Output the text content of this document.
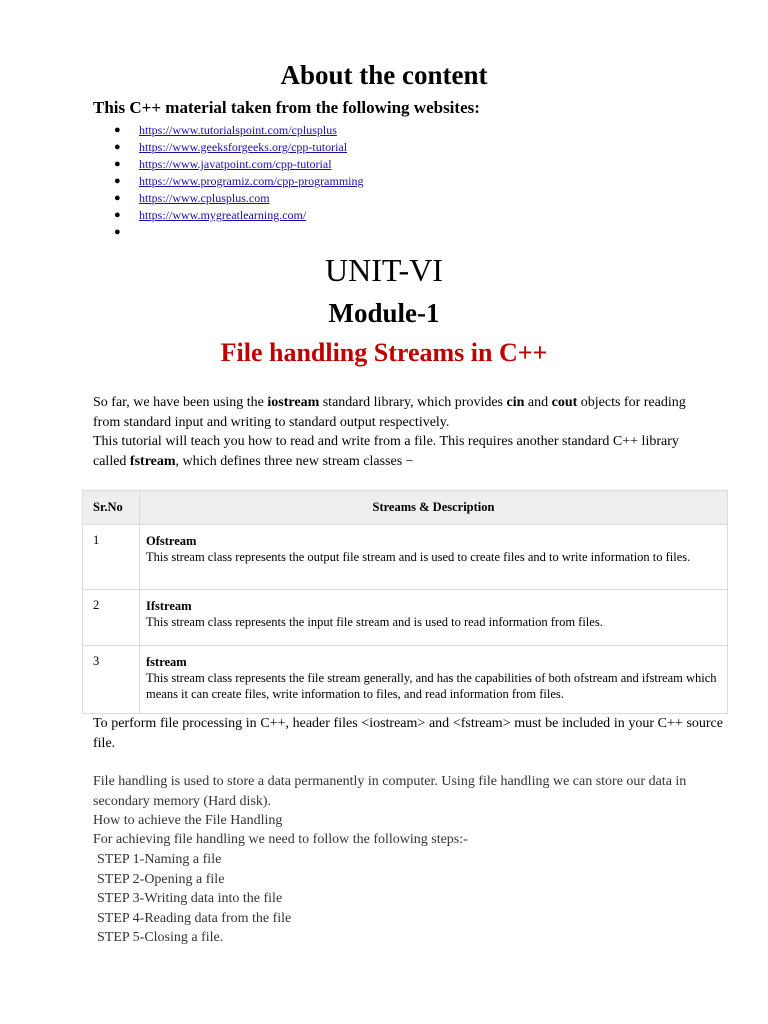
About the content

This C++ material taken from the following websites:

● https://www.tutorialspoint.com/cplusplus
● https://www.geeksforgeeks.org/cpp-tutorial
● https://www.javatpoint.com/cpp-tutorial
● https://www.programiz.com/cpp-programming
● https://www.cplusplus.com
● https://www.mygreatlearning.com/
●
UNIT-VI
Module-1
File handling Streams in C++
So far, we have been using the iostream standard library, which provides cin and cout objects for reading from standard input and writing to standard output respectively.
This tutorial will teach you how to read and write from a file. This requires another standard C++ library called fstream, which defines three new stream classes −
Sr.No	Streams & Description
1	Ofstream
This stream class represents the output file stream and is used to create files and to write information to files.
2	Ifstream
This stream class represents the input file stream and is used to read information from files.
3	fstream
This stream class represents the file stream generally, and has the capabilities of both ofstream and ifstream which means it can create files, write information to files, and read information from files.

To perform file processing in C++, header files <iostream> and <fstream> must be included in your C++ source file.

File handling is used to store a data permanently in computer. Using file handling we can store our data in secondary memory (Hard disk).

How to achieve the File Handling

For achieving file handling we need to follow the following steps:-

STEP 1-Naming a file
STEP 2-Opening a file
STEP 3-Writing data into the file
STEP 4-Reading data from the file
STEP 5-Closing a file.
